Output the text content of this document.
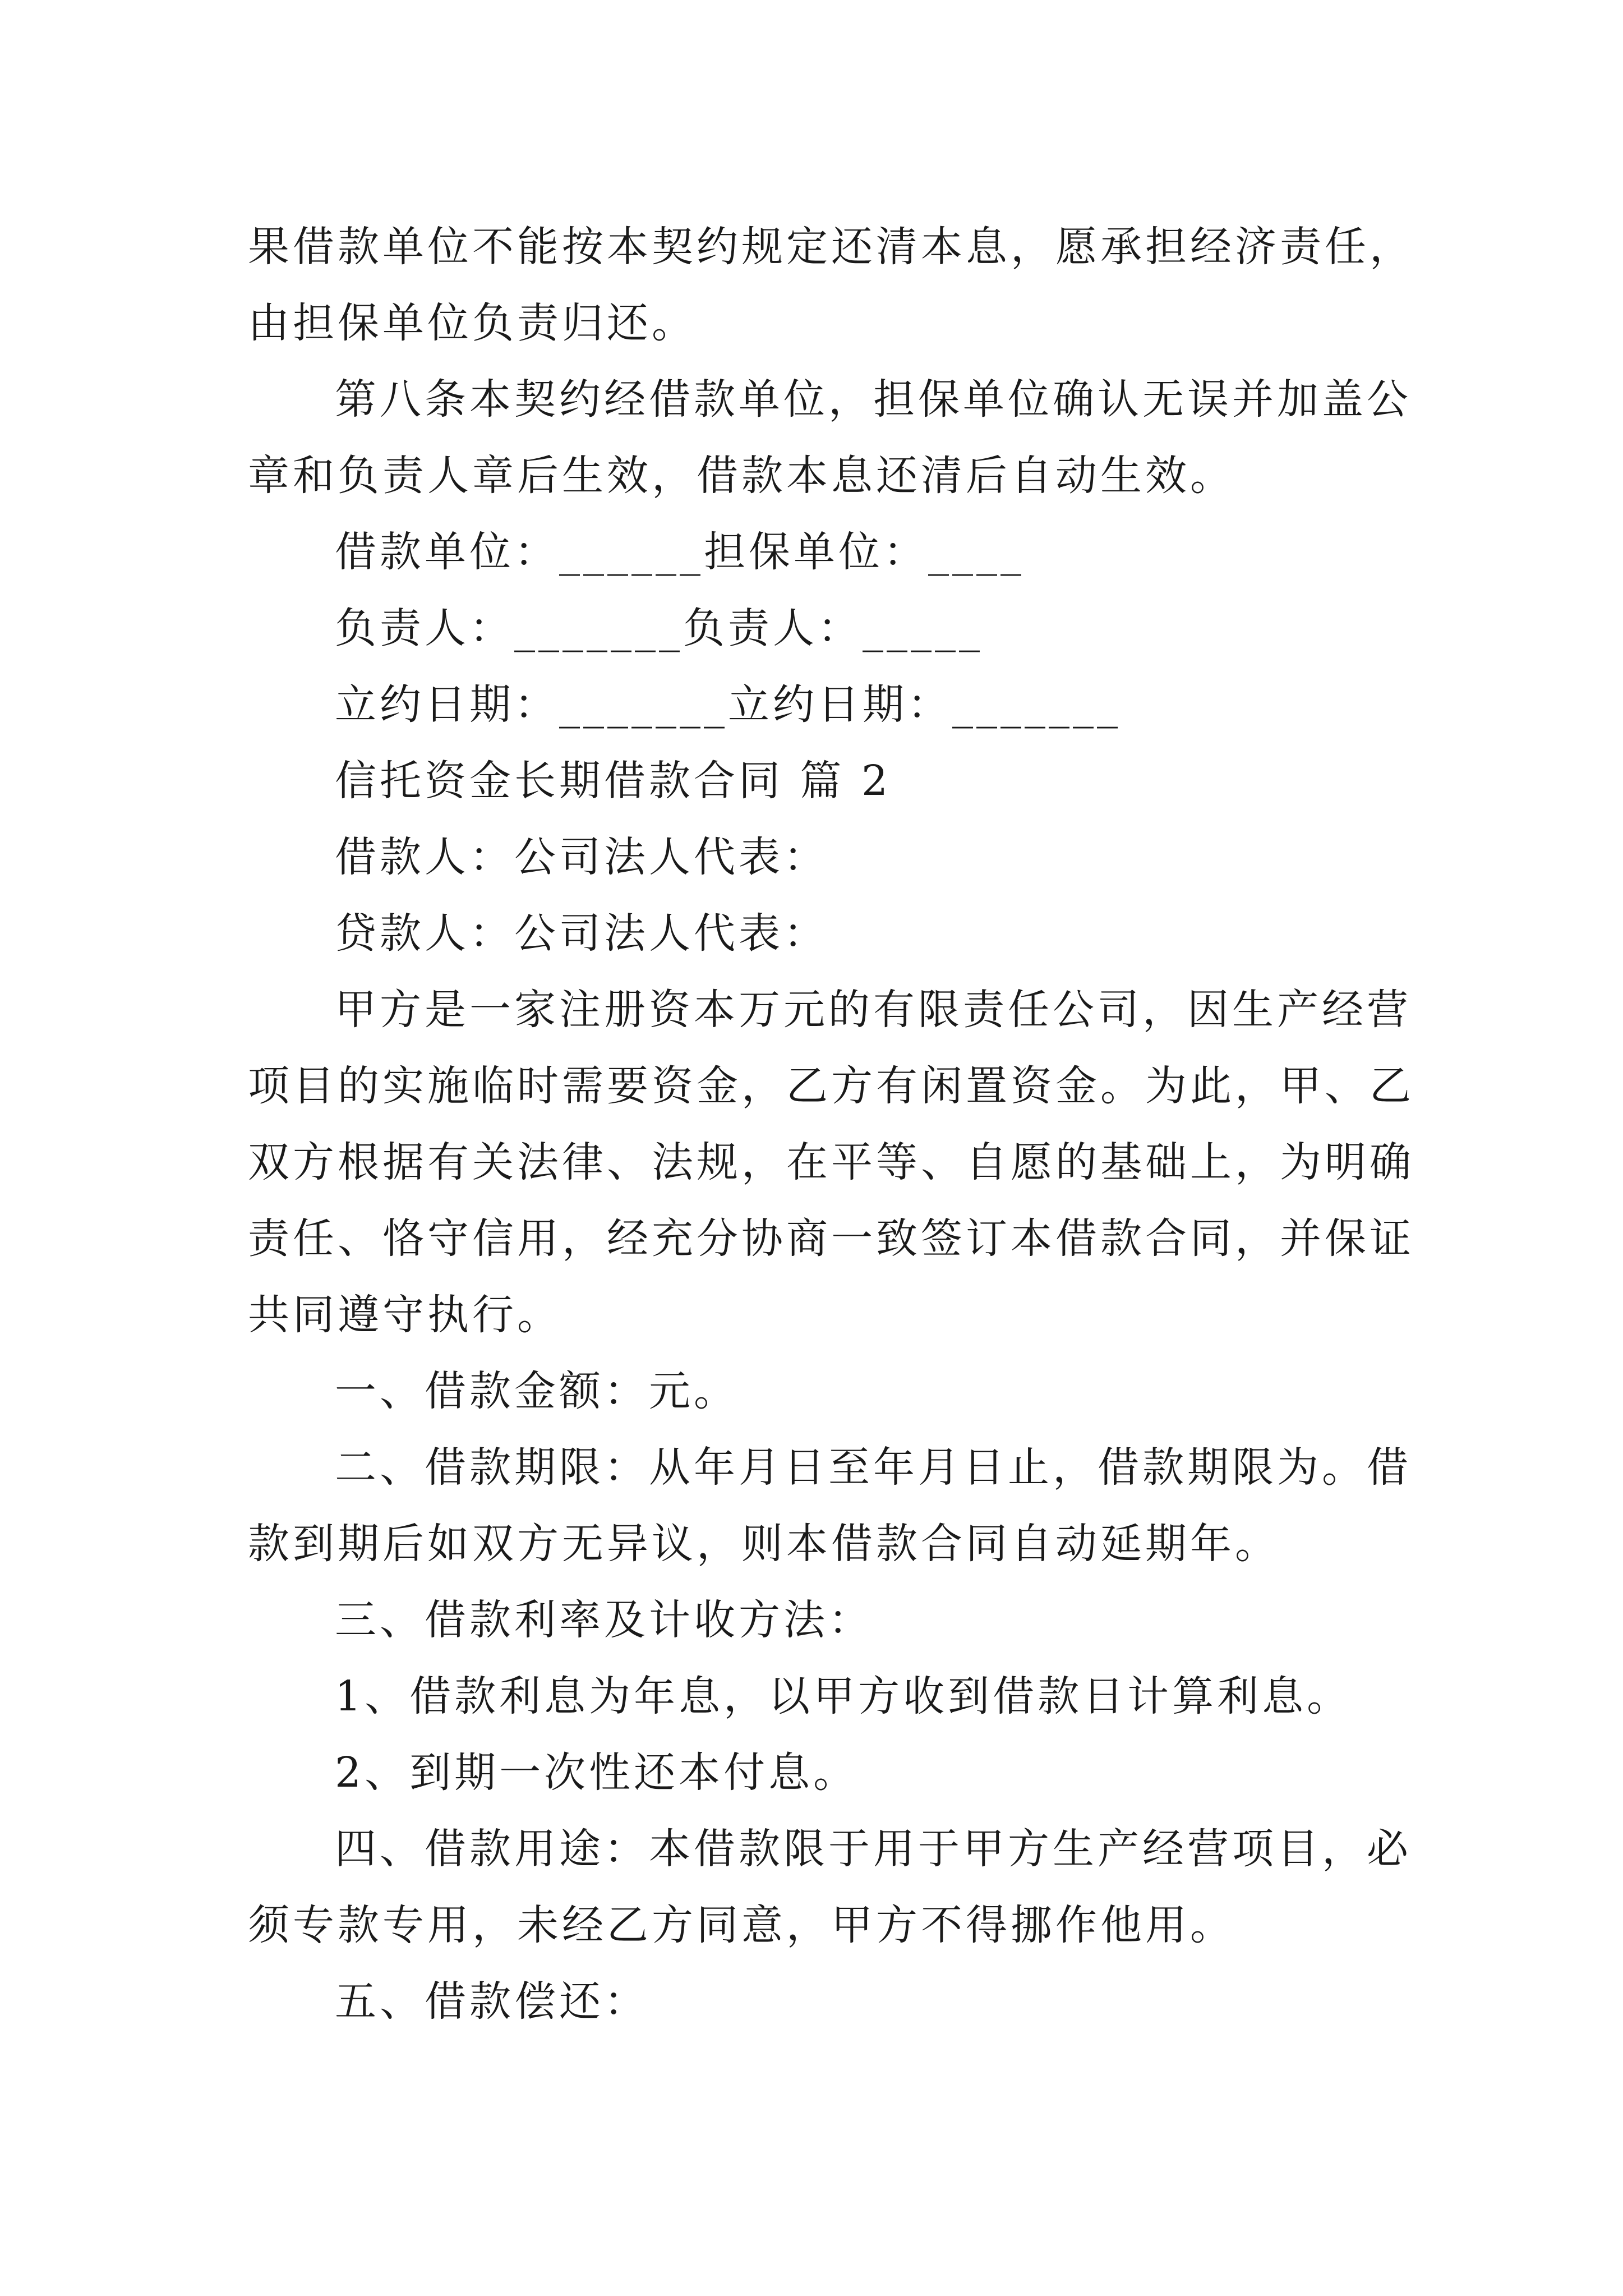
果借款单位不能按本契约规定还清本息，愿承担经济责任，
由担保单位负责归还。
第八条本契约经借款单位，担保单位确认无误并加盖公
章和负责人章后生效，借款本息还清后自动生效。
借款单位：______担保单位：____
负责人：_______负责人：_____
立约日期：_______立约日期：_______
信托资金长期借款合同 篇 2
借款人：公司法人代表：
贷款人：公司法人代表：
甲方是一家注册资本万元的有限责任公司，因生产经营
项目的实施临时需要资金，乙方有闲置资金。为此，甲、乙
双方根据有关法律、法规，在平等、自愿的基础上，为明确
责任、恪守信用，经充分协商一致签订本借款合同，并保证
共同遵守执行。
一、借款金额：元。
二、借款期限：从年月日至年月日止，借款期限为。借
款到期后如双方无异议，则本借款合同自动延期年。
三、借款利率及计收方法：
1、借款利息为年息，以甲方收到借款日计算利息。
2、到期一次性还本付息。
四、借款用途：本借款限于用于甲方生产经营项目，必
须专款专用，未经乙方同意，甲方不得挪作他用。
五、借款偿还：
